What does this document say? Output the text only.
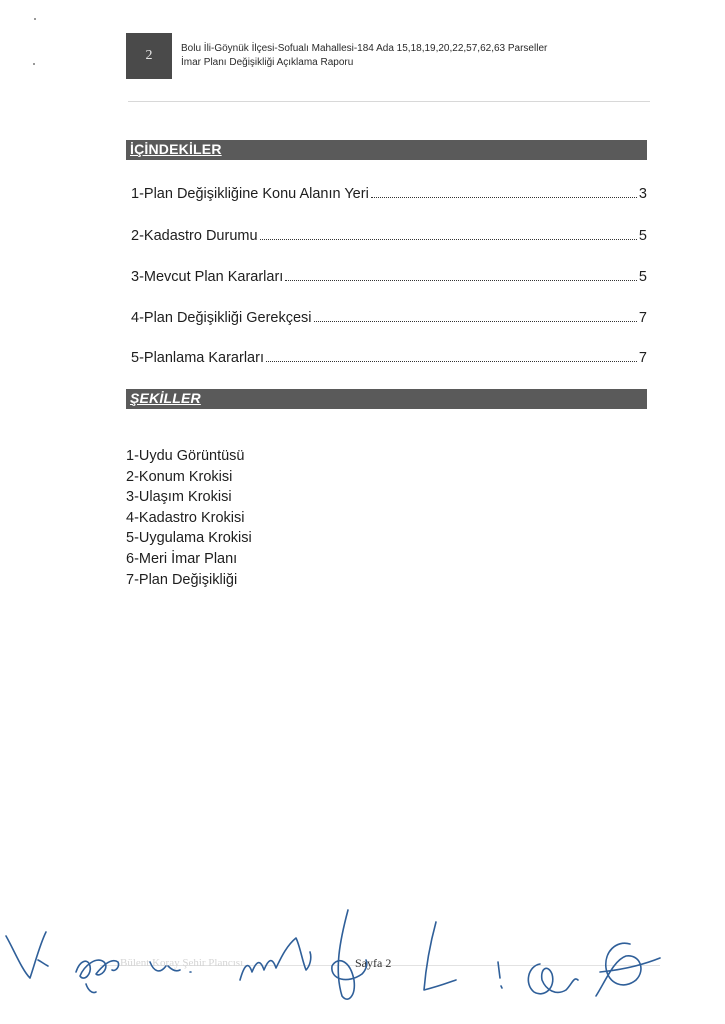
2	Bolu İli-Göynük İlçesi-Sofualı Mahallesi-184 Ada 15,18,19,20,22,57,62,63 Parseller
İmar Planı Değişikliği Açıklama Raporu
İÇİNDEKİLER
1-Plan Değişikliğine Konu Alanın Yeri	3
2-Kadastro Durumu	5
3-Mevcut Plan Kararları	5
4-Plan Değişikliği Gerekçesi	7
5-Planlama Kararları	7
ŞEKİLLER
1-Uydu Görüntüsü
2-Konum Krokisi
3-Ulaşım Krokisi
4-Kadastro Krokisi
5-Uygulama Krokisi
6-Meri İmar Planı
7-Plan Değişikliği
Bülent Koray Şehir Plancısı	Sayfa 2
